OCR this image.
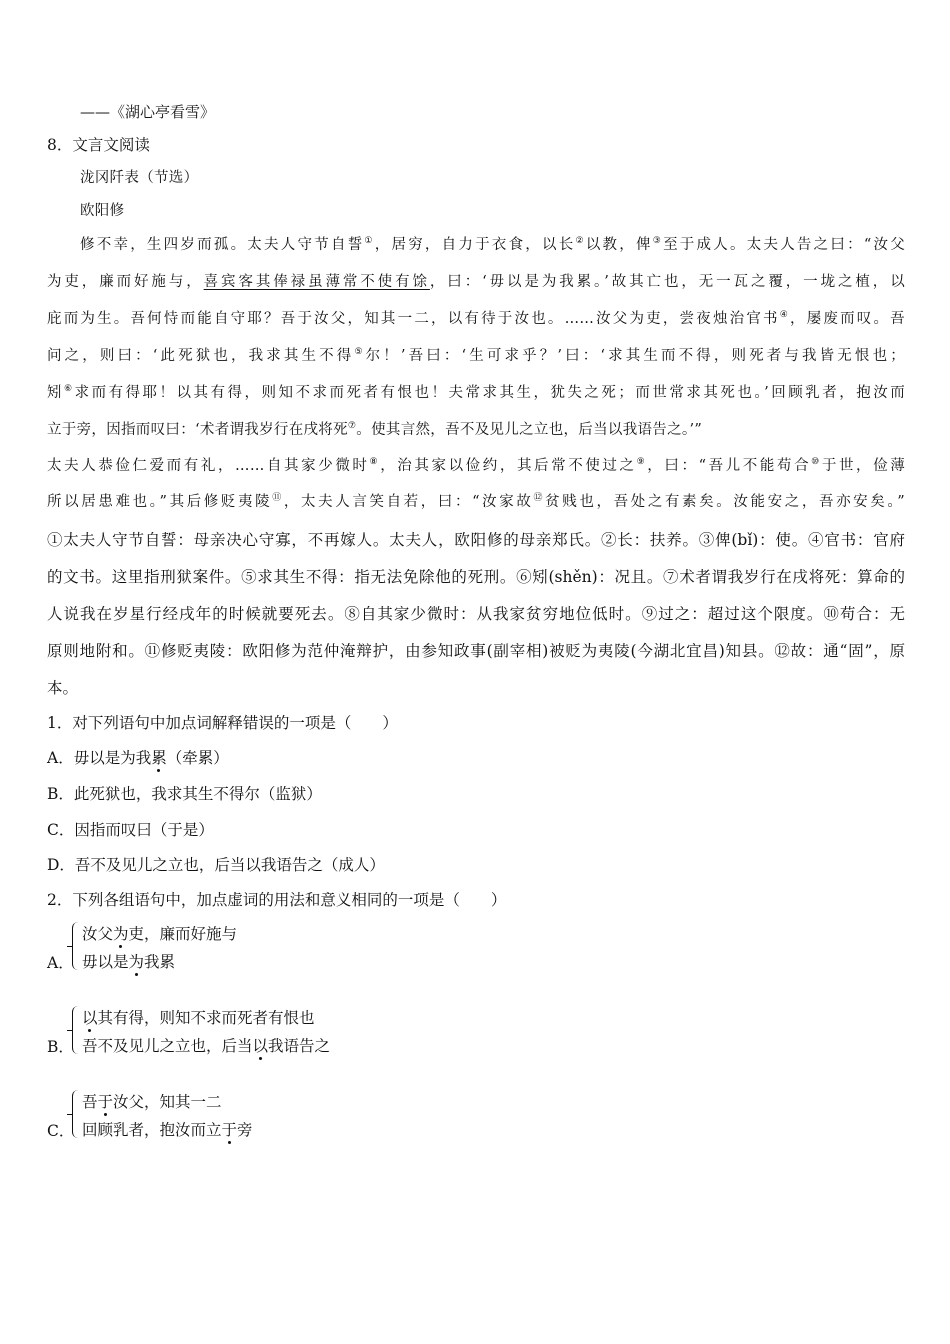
——《湖心亭看雪》
8．文言文阅读
泷冈阡表（节选）
欧阳修
修不幸，生四岁而孤。太夫人守节自誓①，居穷，自力于衣食，以长②以教，俾③至于成人。太夫人告之曰：“汝父
为吏，廉而好施与，喜宾客其俸禄虽薄常不使有馀，曰：‘毋以是为我累。’故其亡也，无一瓦之覆，一垅之植，以
庇而为生。吾何恃而能自守耶？吾于汝父，知其一二，以有待于汝也。……汝父为吏，尝夜烛治官书④，屡废而叹。吾
问之，则曰：‘此死狱也，我求其生不得⑤尔！’吾曰：‘生可求乎？’曰：‘求其生而不得，则死者与我皆无恨也；
矧⑥求而有得耶！以其有得，则知不求而死者有恨也！夫常求其生，犹失之死；而世常求其死也。’回顾乳者，抱汝而
立于旁，因指而叹曰：‘术者谓我岁行在戌将死⑦。使其言然，吾不及见儿之立也，后当以我语告之。’”
太夫人恭俭仁爱而有礼，……自其家少微时⑧，治其家以俭约，其后常不使过之⑨，曰：“吾儿不能苟合⑩于世，俭薄
所以居患难也。”其后修贬夷陵⑪，太夫人言笑自若，曰：“汝家故⑫贫贱也，吾处之有素矣。汝能安之，吾亦安矣。”
①太夫人守节自誓：母亲决心守寡，不再嫁人。太夫人，欧阳修的母亲郑氏。②长：扶养。③俾(bǐ)：使。④官书：官府
的文书。这里指刑狱案件。⑤求其生不得：指无法免除他的死刑。⑥矧(shěn)：况且。⑦术者谓我岁行在戌将死：算命的
人说我在岁星行经戌年的时候就要死去。⑧自其家少微时：从我家贫穷地位低时。⑨过之：超过这个限度。⑩苟合：无
原则地附和。⑪修贬夷陵：欧阳修为范仲淹辩护，由参知政事(副宰相)被贬为夷陵(今湖北宜昌)知县。⑫故：通“固”，原
本。
1．对下列语句中加点词解释错误的一项是（　　）
A．毋以是为我累（牵累）
B．此死狱也，我求其生不得尔（监狱）
C．因指而叹曰（于是）
D．吾不及见儿之立也，后当以我语告之（成人）
2．下列各组语句中，加点虚词的用法和意义相同的一项是（　　）
A．
汝父为吏，廉而好施与
毋以是为我累
B．
以其有得，则知不求而死者有恨也
吾不及见儿之立也，后当以我语告之
C．
吾于汝父，知其一二
回顾乳者，抱汝而立于旁
